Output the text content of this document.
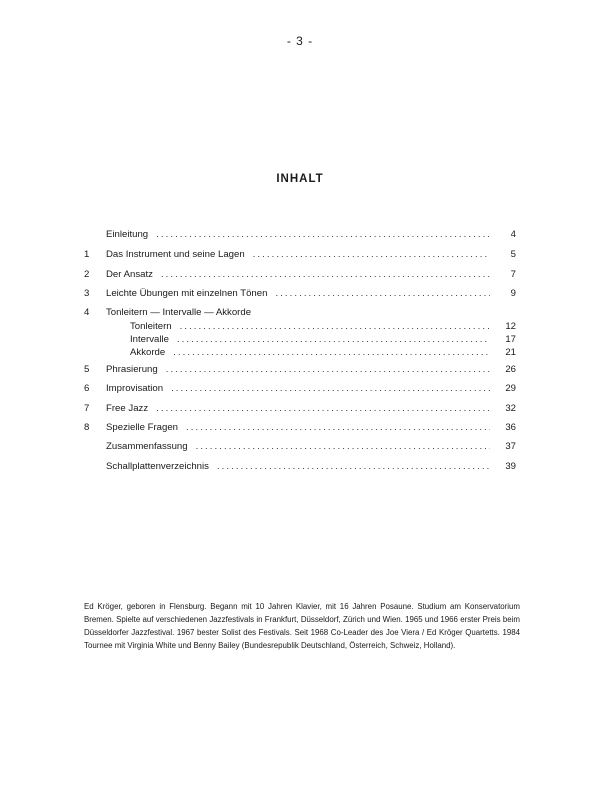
- 3 -
INHALT
Einleitung . . .	4
1	Das Instrument und seine Lagen . . .	5
2	Der Ansatz . . .	7
3	Leichte Übungen mit einzelnen Tönen . . .	9
4	Tonleitern — Intervalle — Akkorde
Tonleitern . . .	12
Intervalle . . .	17
Akkorde . . .	21
5	Phrasierung . . .	26
6	Improvisation . . .	29
7	Free Jazz . . .	32
8	Spezielle Fragen . . .	36
Zusammenfassung . . .	37
Schallplattenverzeichnis . . .	39
Ed Kröger, geboren in Flensburg. Begann mit 10 Jahren Klavier, mit 16 Jahren Posaune. Studium am Konservatorium Bremen. Spielte auf verschiedenen Jazzfestivals in Frankfurt, Düsseldorf, Zürich und Wien. 1965 und 1966 erster Preis beim Düsseldorfer Jazzfestival. 1967 bester Solist des Festivals. Seit 1968 Co-Leader des Joe Viera / Ed Kröger Quartetts. 1984 Tournee mit Virginia White und Benny Bailey (Bundesrepublik Deutschland, Österreich, Schweiz, Holland).
